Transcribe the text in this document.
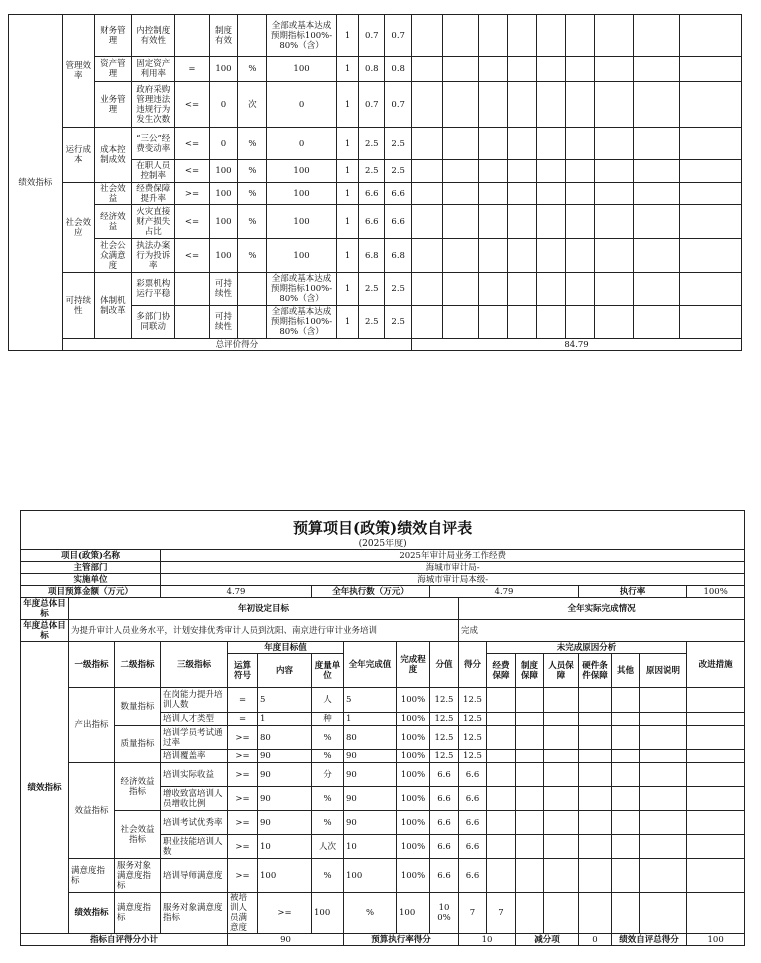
绩效指标	管理效率	财务管理	内控制度有效性		制度有效		全部或基本达成预期指标100%-80%（含）	1	0.7	0.7									
		资产管理	固定资产利用率	=	100	%	100	1	0.8	0.8									
		业务管理	政府采购管理违法违规行为发生次数	<=	0	次	0	1	0.7	0.7									
	运行成本	成本控制成效	“三公”经费变动率	<=	0	%	0	1	2.5	2.5									
			在职人员控制率	<=	100	%	100	1	2.5	2.5									
	社会效应	社会效益	经费保障提升率	>=	100	%	100	1	6.6	6.6									
		经济效益	火灾直接财产损失占比	<=	100	%	100	1	6.6	6.6									
		社会公众满意度	执法办案行为投诉率	<=	100	%	100	1	6.8	6.8									
	可持续性	体制机制改革	彩票机构运行平稳		可持续性		全部或基本达成预期指标100%-80%（含）	1	2.5	2.5									
			多部门协同联动		可持续性		全部或基本达成预期指标100%-80%（含）	1	2.5	2.5									
	总评价得分										84.79								
预算项目(政策)绩效自评表																		
(2025年度)																		
项目(政策)名称			2025年审计局业务工作经费															
主管部门			海城市审计局-															
实施单位			海城市审计局本级-															
项目预算金额（万元）			4.79			全年执行数（万元）			4.79					执行率			100%	
年度总体目标	年初设定目标									全年实际完成情况								
年度总体目标	为提升审计人员业务水平，计划安排优秀审计人员到沈阳、南京进行审计业务培训									完成								
绩效指标	一级指标	二级指标	三级指标	年度目标值			全年完成值	完成程度	分值	得分	未完成原因分析						改进措施	
				运算符号	内容	度量单位					经费保障	制度保障	人员保障	硬件条件保障	其他	原因说明		
	产出指标	数量指标	在岗能力提升培训人数	=	5	人	5	100%	12.5	12.5								
			培训人才类型	=	1	种	1	100%	12.5	12.5								
		质量指标	培训学员考试通过率	>=	80	%	80	100%	12.5	12.5								
			培训覆盖率	>=	90	%	90	100%	12.5	12.5								
	效益指标	经济效益指标	培训实际收益	>=	90	分	90	100%	6.6	6.6								
			增收致富培训人员增收比例	>=	90	%	90	100%	6.6	6.6								
		社会效益指标	培训考试优秀率	>=	90	%	90	100%	6.6	6.6								
			职业技能培训人数	>=	10	人次	10	100%	6.6	6.6								
	满意度指标	服务对象满意度指标	培训导师满意度	>=	100	%	100	100%	6.6	6.6								
	绩效指标	满意度指标	服务对象满意度指标	被培训人员满意度	>=	100	%	100	100%	7	7							
指标自评得分小计				90			预算执行率得分			10		减分项		0	绩效自评总得分		100	
